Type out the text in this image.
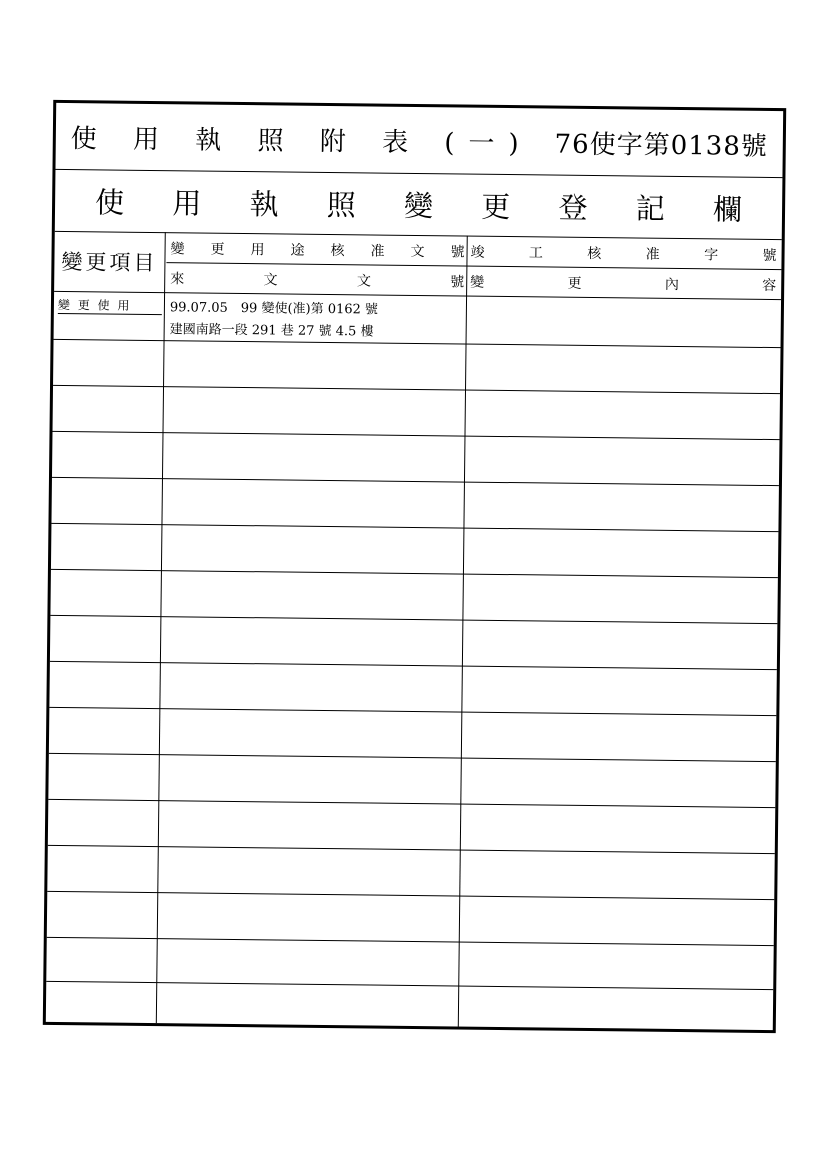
使 用 執 照 附 表 (一) 76使字第0138號
使 用 執 照 變 更 登 記 欄
變更項目
變 更 用 途 核 准 文 號
來	文	文	號
竣	工	核	准	字	號
變	更	內	容
變 更 使 用	99.07.05　99 變使(准)第 0162 號
建國南路一段 291 巷 27 號 4.5 樓
